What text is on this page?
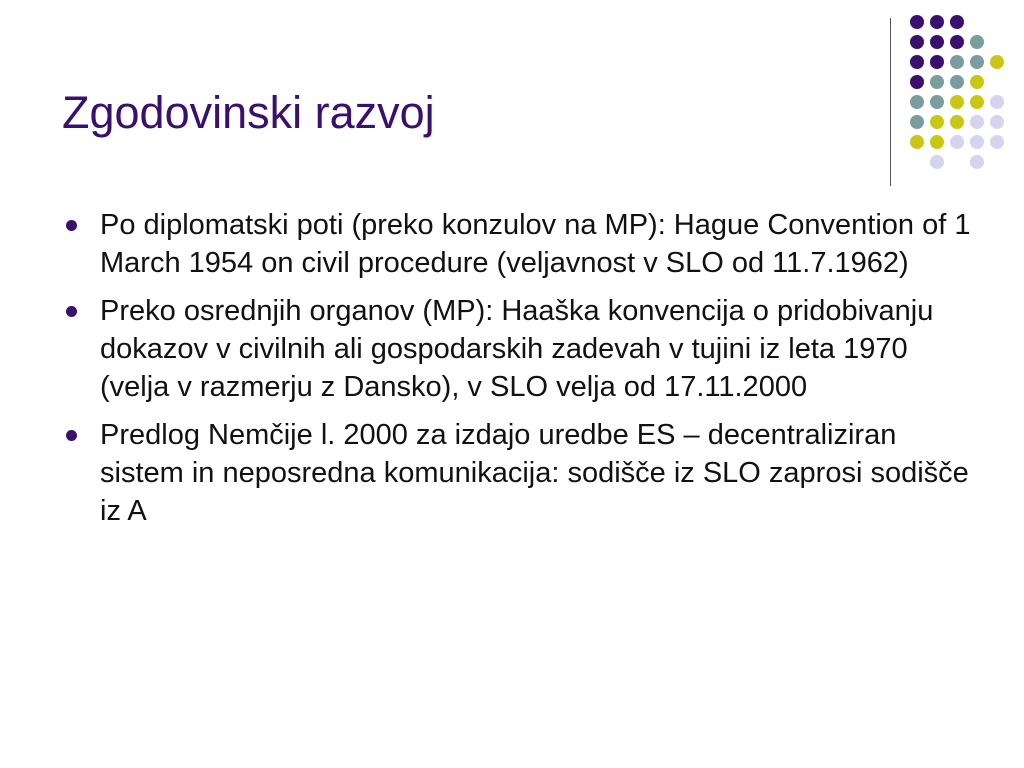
Zgodovinski razvoj
Po diplomatski poti (preko konzulov na MP): Hague Convention of 1 March 1954 on civil procedure (veljavnost v SLO od 11.7.1962)
Preko osrednjih organov (MP): Haaška konvencija o pridobivanju dokazov v civilnih ali gospodarskih zadevah v tujini iz leta 1970 (velja v razmerju z Dansko), v SLO velja od 17.11.2000
Predlog Nemčije l. 2000 za izdajo uredbe ES – decentraliziran sistem in neposredna komunikacija: sodišče iz SLO zaprosi sodišče iz A
